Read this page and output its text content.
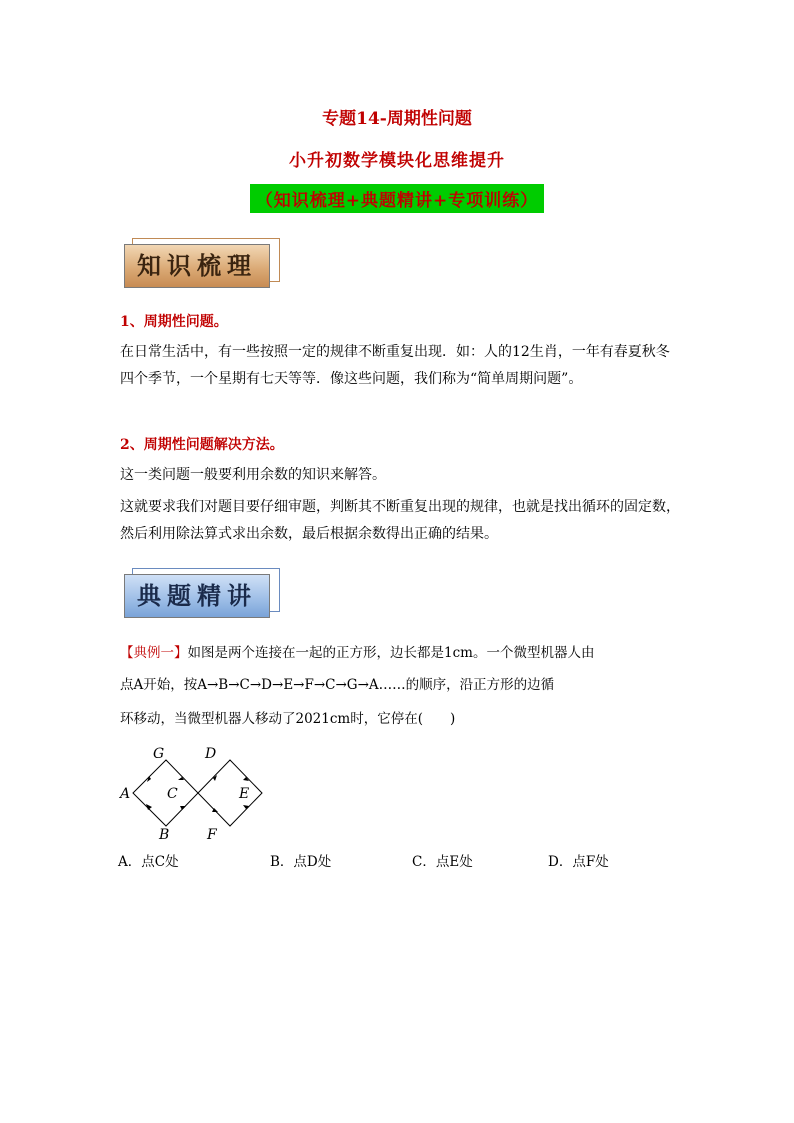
专题14-周期性问题
小升初数学模块化思维提升
（知识梳理+典题精讲+专项训练）
知识梳理
1、周期性问题。
在日常生活中，有一些按照一定的规律不断重复出现．如：人的12生肖，一年有春夏秋冬四个季节，一个星期有七天等等．像这些问题，我们称为“简单周期问题”。
2、周期性问题解决方法。
这一类问题一般要利用余数的知识来解答。
这就要求我们对题目要仔细审题，判断其不断重复出现的规律，也就是找出循环的固定数，然后利用除法算式求出余数，最后根据余数得出正确的结果。
典题精讲
【典例一】如图是两个连接在一起的正方形，边长都是1cm。一个微型机器人由
点A开始，按A→B→C→D→E→F→C→G→A……的顺序，沿正方形的边循
环移动，当微型机器人移动了2021cm时，它停在(　　)
A
B
C
D
E
F
G
A．点C处	B．点D处	C．点E处	D．点F处
